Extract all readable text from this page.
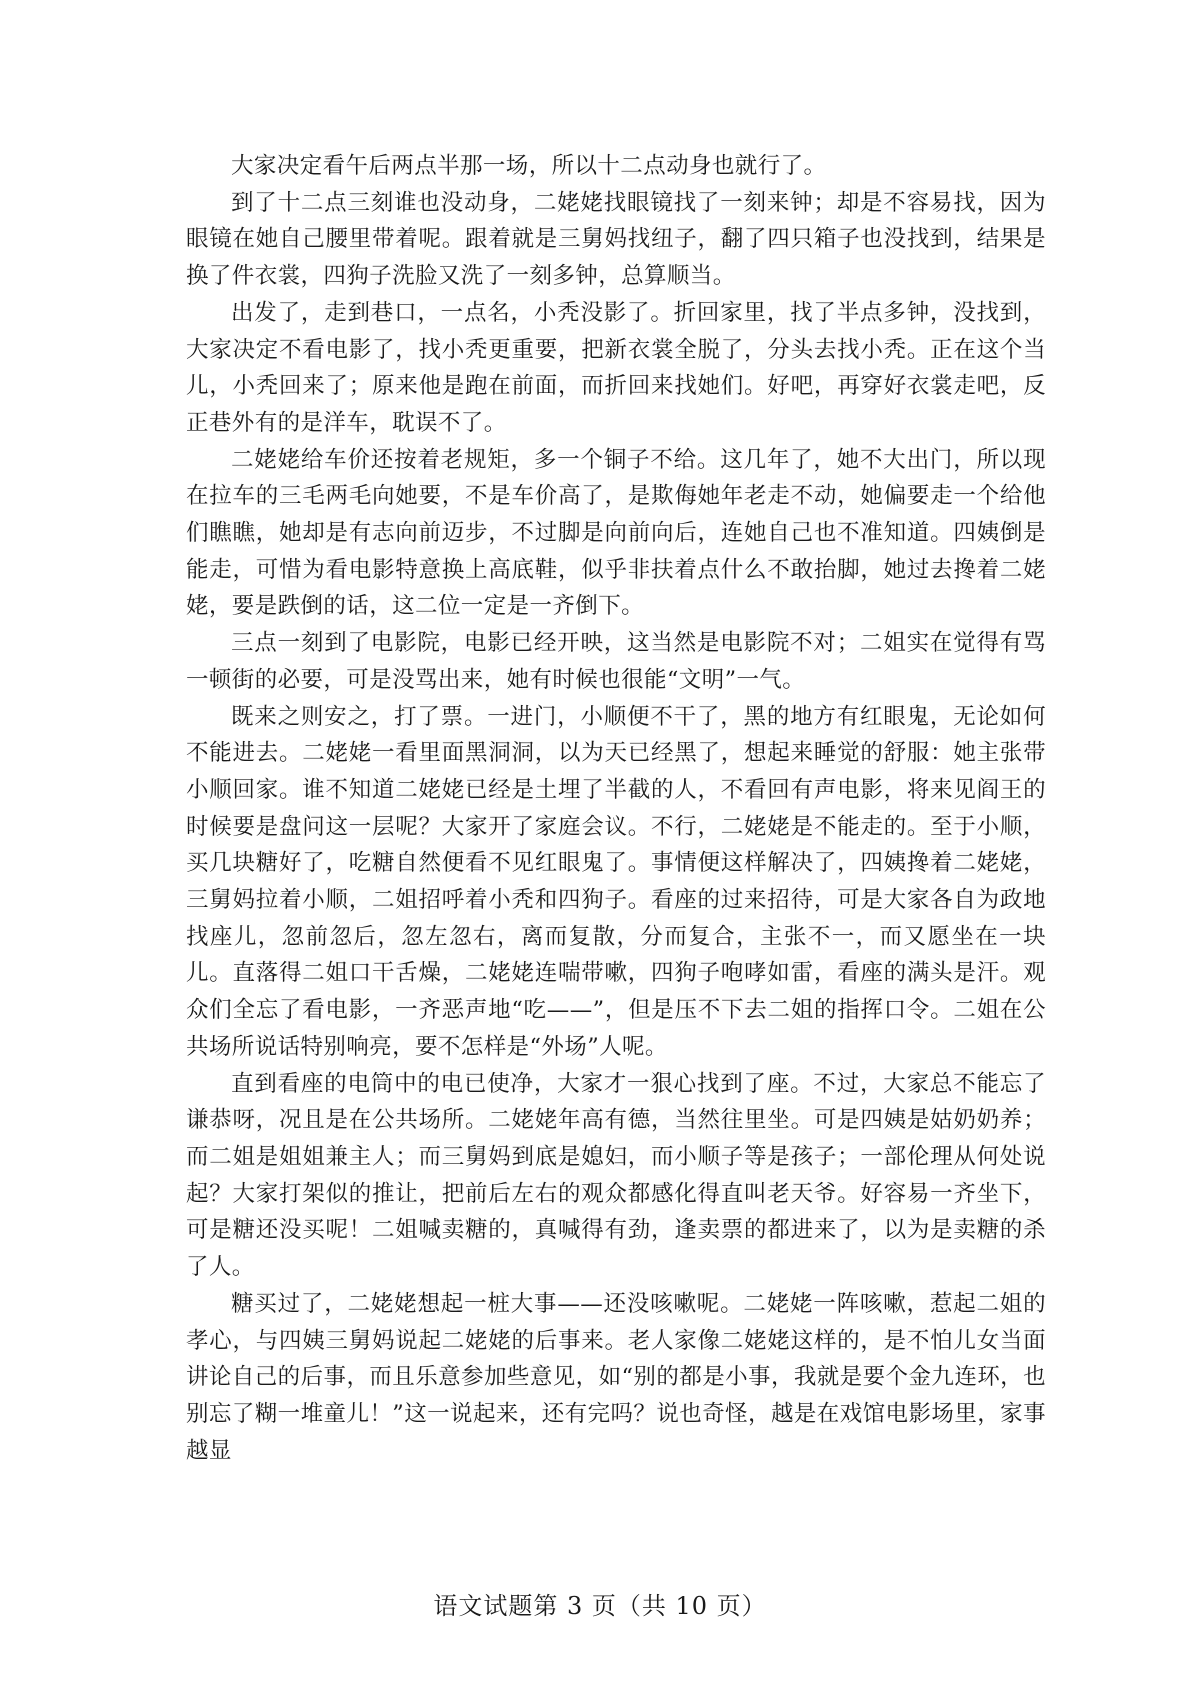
大家决定看午后两点半那一场，所以十二点动身也就行了。

到了十二点三刻谁也没动身，二姥姥找眼镜找了一刻来钟；却是不容易找，因为眼镜在她自己腰里带着呢。跟着就是三舅妈找纽子，翻了四只箱子也没找到，结果是换了件衣裳，四狗子洗脸又洗了一刻多钟，总算顺当。

出发了，走到巷口，一点名，小秃没影了。折回家里，找了半点多钟，没找到，大家决定不看电影了，找小秃更重要，把新衣裳全脱了，分头去找小秃。正在这个当儿，小秃回来了；原来他是跑在前面，而折回来找她们。好吧，再穿好衣裳走吧，反正巷外有的是洋车，耽误不了。

二姥姥给车价还按着老规矩，多一个铜子不给。这几年了，她不大出门，所以现在拉车的三毛两毛向她要，不是车价高了，是欺侮她年老走不动，她偏要走一个给他们瞧瞧，她却是有志向前迈步，不过脚是向前向后，连她自己也不准知道。四姨倒是能走，可惜为看电影特意换上高底鞋，似乎非扶着点什么不敢抬脚，她过去搀着二姥姥，要是跌倒的话，这二位一定是一齐倒下。

三点一刻到了电影院，电影已经开映，这当然是电影院不对；二姐实在觉得有骂一顿街的必要，可是没骂出来，她有时候也很能“文明”一气。

既来之则安之，打了票。一进门，小顺便不干了，黑的地方有红眼鬼，无论如何不能进去。二姥姥一看里面黑洞洞，以为天已经黑了，想起来睡觉的舒服：她主张带小顺回家。谁不知道二姥姥已经是土埋了半截的人，不看回有声电影，将来见阎王的时候要是盘问这一层呢？大家开了家庭会议。不行，二姥姥是不能走的。至于小顺，买几块糖好了，吃糖自然便看不见红眼鬼了。事情便这样解决了，四姨搀着二姥姥，三舅妈拉着小顺，二姐招呼着小秃和四狗子。看座的过来招待，可是大家各自为政地找座儿，忽前忽后，忽左忽右，离而复散，分而复合，主张不一，而又愿坐在一块儿。直落得二姐口干舌燥，二姥姥连喘带嗽，四狗子咆哮如雷，看座的满头是汗。观众们全忘了看电影，一齐恶声地“吃——”，但是压不下去二姐的指挥口令。二姐在公共场所说话特别响亮，要不怎样是“外场”人呢。

直到看座的电筒中的电已使净，大家才一狠心找到了座。不过，大家总不能忘了谦恭呀，况且是在公共场所。二姥姥年高有德，当然往里坐。可是四姨是姑奶奶养；而二姐是姐姐兼主人；而三舅妈到底是媳妇，而小顺子等是孩子；一部伦理从何处说起？大家打架似的推让，把前后左右的观众都感化得直叫老天爷。好容易一齐坐下，可是糖还没买呢！二姐喊卖糖的，真喊得有劲，逢卖票的都进来了，以为是卖糖的杀了人。

糖买过了，二姥姥想起一桩大事——还没咳嗽呢。二姥姥一阵咳嗽，惹起二姐的孝心，与四姨三舅妈说起二姥姥的后事来。老人家像二姥姥这样的，是不怕儿女当面讲论自己的后事，而且乐意参加些意见，如“别的都是小事，我就是要个金九连环，也别忘了糊一堆童儿！”这一说起来，还有完吗？说也奇怪，越是在戏馆电影场里，家事越显

语文试题第 3 页（共 10 页）
